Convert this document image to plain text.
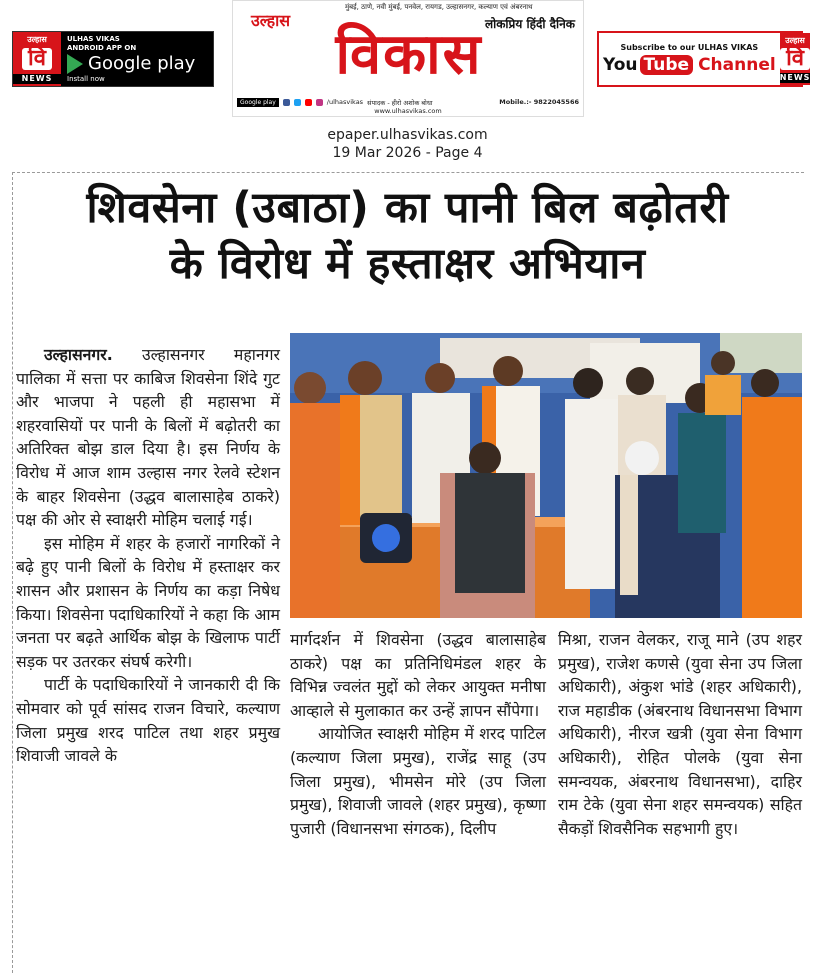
उल्हास
वि
NEWS
ULHAS VIKAS
ANDROID APP ON
Google play
Install now
मुंबई, ठाणे, नवी मुंबई, पनवेल, रायगड, उल्हासनगर, कल्याण एवं अंबरनाथ
उल्हास	लोकप्रिय हिंदी दैनिक
विकास
Google play	/ulhasvikas संपादक - हीरो अशोक बोधा	Mobile.:- 9822045566
www.ulhasvikas.com
Subscribe to our ULHAS VIKAS
You Tube Channel
उल्हास
वि
NEWS
epaper.ulhasvikas.com
19 Mar 2026 - Page 4
शिवसेना (उबाठा) का पानी बिल बढ़ोतरी
के विरोध में हस्ताक्षर अभियान

उल्हासनगर. उल्हासनगर महानगर पालिका में सत्ता पर काबिज शिवसेना शिंदे गुट और भाजपा ने पहली ही महासभा में शहरवासियों पर पानी के बिलों में बढ़ोतरी का अतिरिक्त बोझ डाल दिया है। इस निर्णय के विरोध में आज शाम उल्हास नगर रेलवे स्टेशन के बाहर शिवसेना (उद्धव बालासाहेब ठाकरे) पक्ष की ओर से स्वाक्षरी मोहिम चलाई गई।

इस मोहिम में शहर के हजारों नागरिकों ने बढ़े हुए पानी बिलों के विरोध में हस्ताक्षर कर शासन और प्रशासन के निर्णय का कड़ा निषेध किया। शिवसेना पदाधिकारियों ने कहा कि आम जनता पर बढ़ते आर्थिक बोझ के खिलाफ पार्टी सड़क पर उतरकर संघर्ष करेगी।

पार्टी के पदाधिकारियों ने जानकारी दी कि सोमवार को पूर्व सांसद राजन विचारे, कल्याण जिला प्रमुख शरद पाटिल तथा शहर प्रमुख शिवाजी जावले के

मार्गदर्शन में शिवसेना (उद्धव बालासाहेब ठाकरे) पक्ष का प्रतिनिधिमंडल शहर के विभिन्न ज्वलंत मुद्दों को लेकर आयुक्त मनीषा आव्हाले से मुलाकात कर उन्हें ज्ञापन सौंपेगा।

आयोजित स्वाक्षरी मोहिम में शरद पाटिल (कल्याण जिला प्रमुख), राजेंद्र साहू (उप जिला प्रमुख), भीमसेन मोरे (उप जिला प्रमुख), शिवाजी जावले (शहर प्रमुख), कृष्णा पुजारी (विधानसभा संगठक), दिलीप

मिश्रा, राजन वेलकर, राजू माने (उप शहर प्रमुख), राजेश कणसे (युवा सेना उप जिला अधिकारी), अंकुश भांडे (शहर अधिकारी), राज महाडीक (अंबरनाथ विधानसभा विभाग अधिकारी), नीरज खत्री (युवा सेना विभाग अधिकारी), रोहित पोलके (युवा सेना समन्वयक, अंबरनाथ विधानसभा), दाहिर राम टेके (युवा सेना शहर समन्वयक) सहित सैकड़ों शिवसैनिक सहभागी हुए।
